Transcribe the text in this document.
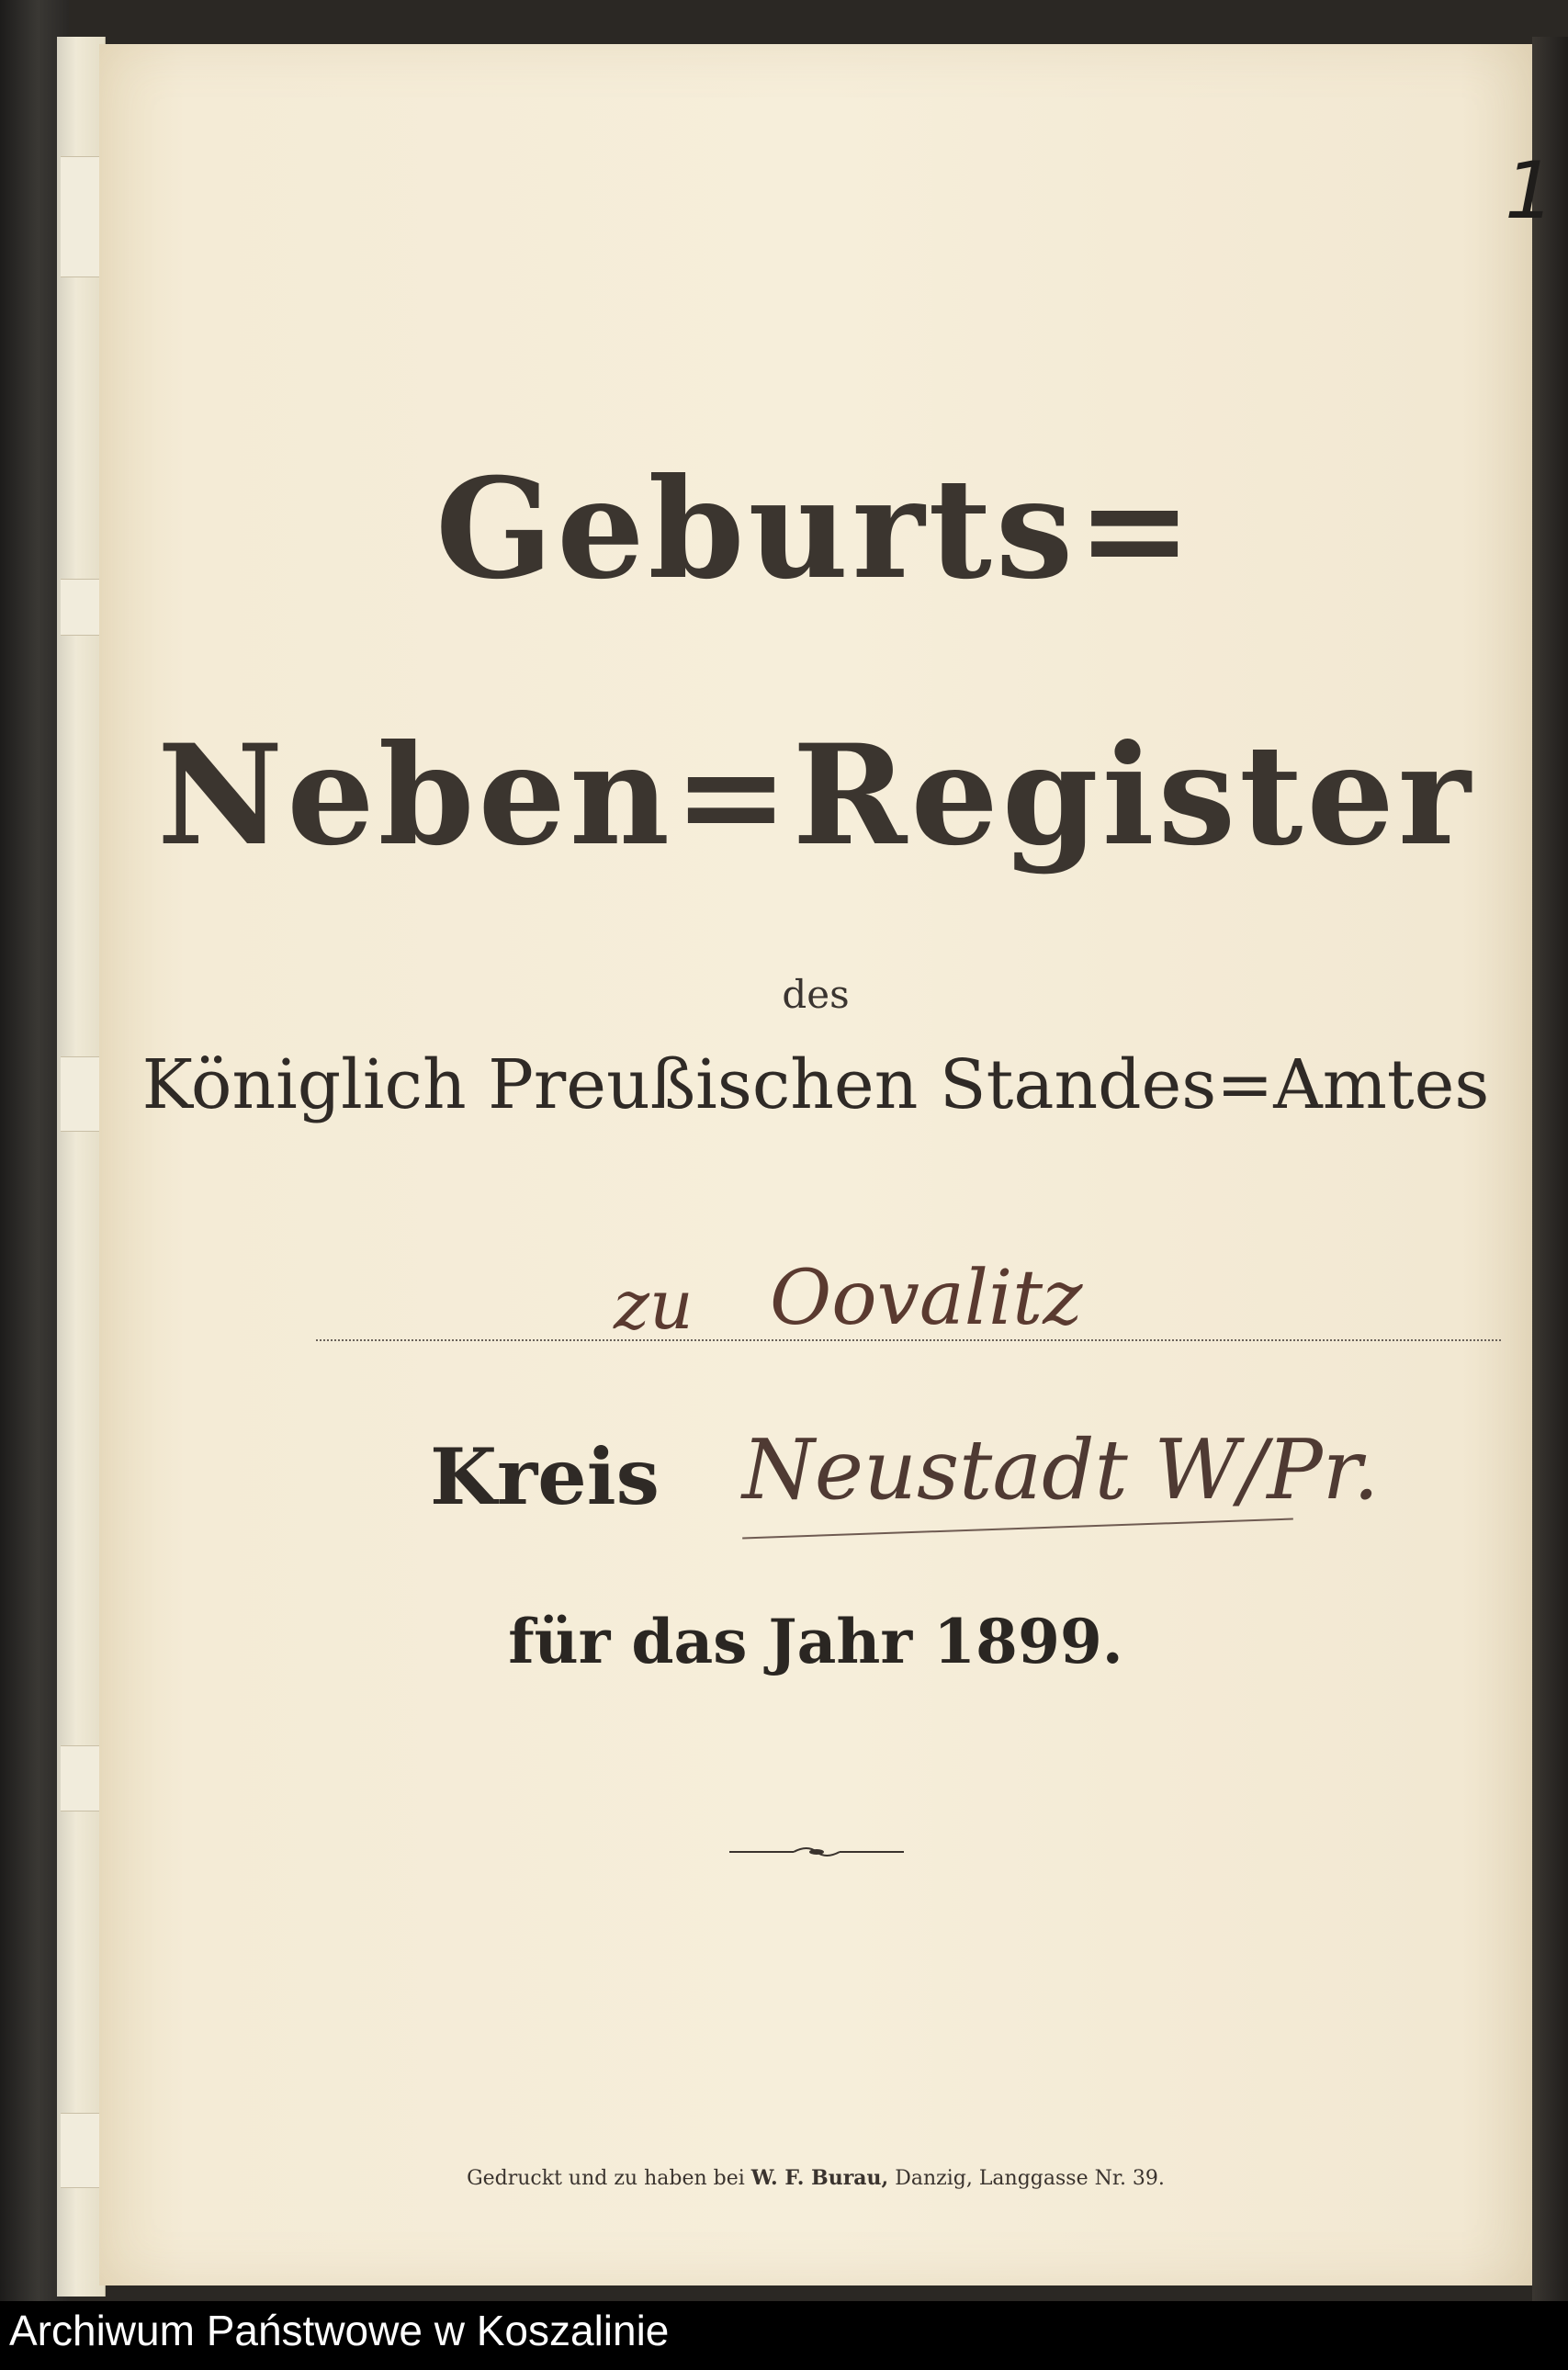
1
Geburts=
Neben=Register
des
Königlich Preußischen Standes=Amtes
zu Oovalitz
Kreis Neustadt W/Pr.
für das Jahr 1899.
Gedruckt und zu haben bei W. F. Burau, Danzig, Langgasse Nr. 39.
Archiwum Państwowe w Koszalinie
